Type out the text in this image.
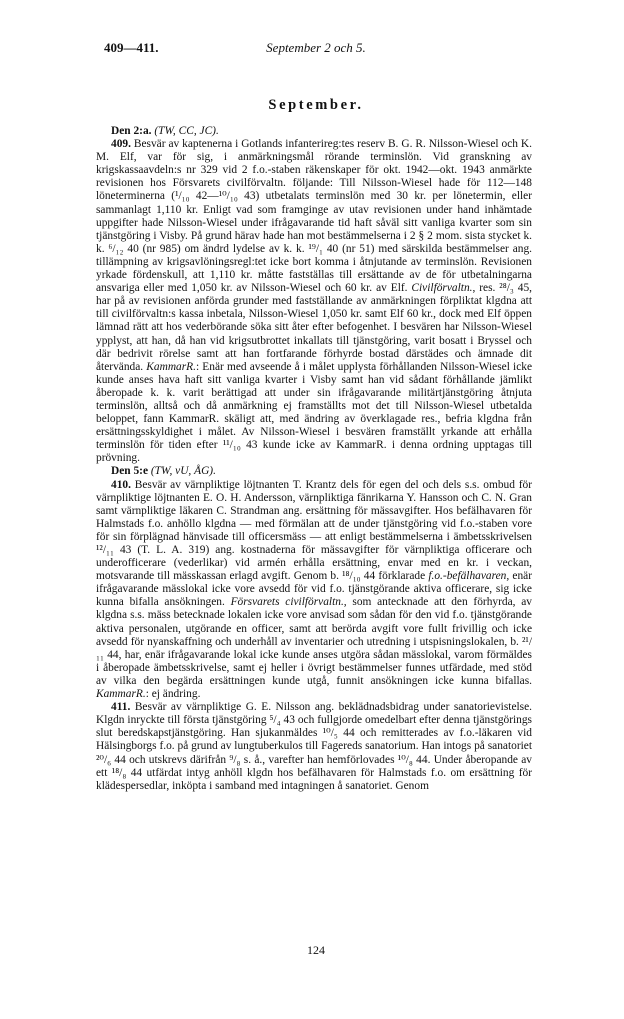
409—411.	September 2 och 5.
September.

Den 2:a. (TW, CC, JC).

409. Besvär av kaptenerna i Gotlands infanterireg:tes reserv B. G. R. Nilsson-Wiesel och K. M. Elf, var för sig, i anmärkningsmål rörande terminslön. Vid granskning av krigskassaavdeln:s nr 329 vid 2 f.o.-staben räkenskaper för okt. 1942—okt. 1943 anmärkte revisionen hos Försvarets civilförvaltn. följande: Till Nilsson-Wiesel hade för 112—148 löneterminerna (¹/₁₀ 42—¹⁰/₁₀ 43) utbetalats terminslön med 30 kr. per lönetermin, eller sammanlagt 1,110 kr. Enligt vad som framginge av utav revisionen under hand inhämtade uppgifter hade Nilsson-Wiesel under ifrågavarande tid haft såväl sitt vanliga kvarter som sin tjänstgöring i Visby. På grund härav hade han mot bestämmelserna i 2 § 2 mom. sista stycket k. k. ⁶/₁₂ 40 (nr 985) om ändrd lydelse av k. k. ¹⁹/₁ 40 (nr 51) med särskilda bestämmelser ang. tillämpning av krigsavlöningsregl:tet icke bort komma i åtnjutande av terminslön. Revisionen yrkade fördenskull, att 1,110 kr. måtte fastställas till ersättande av de för utbetalningarna ansvariga eller med 1,050 kr. av Nilsson-Wiesel och 60 kr. av Elf. Civilförvaltn., res. ²⁸/₃ 45, har på av revisionen anförda grunder med fastställande av anmärkningen förpliktat klgdna att till civilförvaltn:s kassa inbetala, Nilsson-Wiesel 1,050 kr. samt Elf 60 kr., dock med Elf öppen lämnad rätt att hos vederbörande söka sitt åter efter befogenhet. I besvären har Nilsson-Wiesel ypplyst, att han, då han vid krigsutbrottet inkallats till tjänstgöring, varit bosatt i Bryssel och där bedrivit rörelse samt att han fortfarande förhyrde bostad därstädes och ämnade dit återvända. KammarR.: Enär med avseende å i målet upplysta förhållanden Nilsson-Wiesel icke kunde anses hava haft sitt vanliga kvarter i Visby samt han vid sådant förhållande jämlikt åberopade k. k. varit berättigad att under sin ifrågavarande militärtjänstgöring åtnjuta terminslön, alltså och då anmärkning ej framställts mot det till Nilsson-Wiesel utbetalda beloppet, fann KammarR. skäligt att, med ändring av överklagade res., befria klgdna från ersättningsskyldighet i målet. Av Nilsson-Wiesel i besvären framställt yrkande att erhålla terminslön för tiden efter ¹¹/₁₀ 43 kunde icke av KammarR. i denna ordning upptagas till prövning.

Den 5:e (TW, vU, ÅG).

410. Besvär av värnpliktige löjtnanten T. Krantz dels för egen del och dels s.s. ombud för värnpliktige löjtnanten E. O. H. Andersson, värnpliktiga fänrikarna Y. Hansson och C. N. Gran samt värnpliktige läkaren C. Strandman ang. ersättning för mässavgifter. Hos befälhavaren för Halmstads f.o. anhöllo klgdna — med förmälan att de under tjänstgöring vid f.o.-staben vore för sin förplägnad hänvisade till officersmäss — att enligt bestämmelserna i ämbetsskrivelsen ¹²/₁₁ 43 (T. L. A. 319) ang. kostnaderna för mässavgifter för värnpliktiga officerare och underofficerare (vederlikar) vid armén erhålla ersättning, envar med en kr. i veckan, motsvarande till mässkassan erlagd avgift. Genom b. ¹⁸/₁₀ 44 förklarade f.o.-befälhavaren, enär ifrågavarande mässlokal icke vore avsedd för vid f.o. tjänstgörande aktiva officerare, sig icke kunna bifalla ansökningen. Försvarets civilförvaltn., som antecknade att den förhyrda, av klgdna s.s. mäss betecknade lokalen icke vore anvisad som sådan för den vid f.o. tjänstgörande aktiva personalen, utgörande en officer, samt att berörda avgift vore fullt frivillig och icke avsedd för nyanskaffning och underhåll av inventarier och utredning i utspisningslokalen, b. ²¹/₁₁ 44, har, enär ifrågavarande lokal icke kunde anses utgöra sådan mässlokal, varom förmäldes i åberopade ämbetsskrivelse, samt ej heller i övrigt bestämmelser funnes utfärdade, med stöd av vilka den begärda ersättningen kunde utgå, funnit ansökningen icke kunna bifallas. KammarR.: ej ändring.

411. Besvär av värnpliktige G. E. Nilsson ang. beklädnadsbidrag under sanatorievistelse. Klgdn inryckte till första tjänstgöring ⁵/₄ 43 och fullgjorde omedelbart efter denna tjänstgörings slut beredskapstjänstgöring. Han sjukanmäldes ¹⁰/₅ 44 och remitterades av f.o.-läkaren vid Hälsingborgs f.o. på grund av lungtuberkulos till Fagereds sanatorium. Han intogs på sanatoriet ²⁰/₆ 44 och utskrevs därifrån ⁹/₈ s. å., varefter han hemförlovades ¹⁰/₈ 44. Under åberopande av ett ¹⁸/₈ 44 utfärdat intyg anhöll klgdn hos befälhavaren för Halmstads f.o. om ersättning för klädespersedlar, inköpta i samband med intagningen å sanatoriet. Genom

124
